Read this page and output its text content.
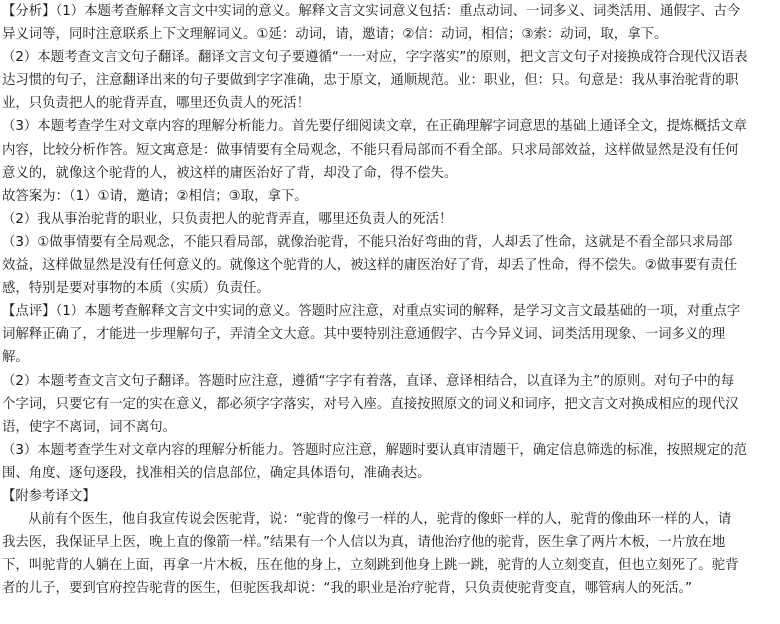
【分析】（1）本题考查解释文言文中实词的意义。解释文言文实词意义包括：重点动词、一词多义、词类活用、通假字、古今
异义词等，同时注意联系上下文理解词义。①延：动词，请，邀请；②信：动词，相信；③索：动词，取，拿下。
（2）本题考查文言文句子翻译。翻译文言文句子要遵循“一一对应，字字落实”的原则，把文言文句子对接换成符合现代汉语表
达习惯的句子，注意翻译出来的句子要做到字字准确，忠于原文，通顺规范。业：职业，但：只。句意是：我从事治驼背的职
业，只负责把人的驼背弄直，哪里还负责人的死活！
（3）本题考查学生对文章内容的理解分析能力。首先要仔细阅读文章，在正确理解字词意思的基础上通译全文，提炼概括文章
内容，比较分析作答。短文寓意是：做事情要有全局观念，不能只看局部而不看全部。只求局部效益，这样做显然是没有任何
意义的，就像这个驼背的人，被这样的庸医治好了背，却没了命，得不偿失。
故答案为：（1）①请，邀请；②相信；③取，拿下。
（2）我从事治驼背的职业，只负责把人的驼背弄直，哪里还负责人的死活！
（3）①做事情要有全局观念，不能只看局部，就像治驼背，不能只治好弯曲的背，人却丢了性命，这就是不看全部只求局部
效益，这样做显然是没有任何意义的。就像这个驼背的人，被这样的庸医治好了背，却丢了性命，得不偿失。②做事要有责任
感，特别是要对事物的本质（实质）负责任。
【点评】（1）本题考查解释文言文中实词的意义。答题时应注意，对重点实词的解释，是学习文言文最基础的一项，对重点字
词解释正确了，才能进一步理解句子，弄清全文大意。其中要特别注意通假字、古今异义词、词类活用现象、一词多义的理
解。
（2）本题考查文言文句子翻译。答题时应注意，遵循“字字有着落，直译、意译相结合，以直译为主”的原则。对句子中的每
个字词，只要它有一定的实在意义，都必须字字落实，对号入座。直接按照原文的词义和词序，把文言文对换成相应的现代汉
语，使字不离词，词不离句。
（3）本题考查学生对文章内容的理解分析能力。答题时应注意，解题时要认真审清题干，确定信息筛选的标准，按照规定的范
围、角度、逐句逐段，找准相关的信息部位，确定具体语句，准确表达。
【附参考译文】
从前有个医生，他自我宣传说会医驼背，说：“驼背的像弓一样的人，驼背的像虾一样的人，驼背的像曲环一样的人，请
我去医，我保证早上医，晚上直的像箭一样。”结果有一个人信以为真，请他治疗他的驼背，医生拿了两片木板，一片放在地
下，叫驼背的人躺在上面，再拿一片木板，压在他的身上，立刻跳到他身上跳一跳，驼背的人立刻变直，但也立刻死了。驼背
者的儿子，要到官府控告驼背的医生，但驼医我却说：“我的职业是治疗驼背，只负责使驼背变直，哪管病人的死活。”
